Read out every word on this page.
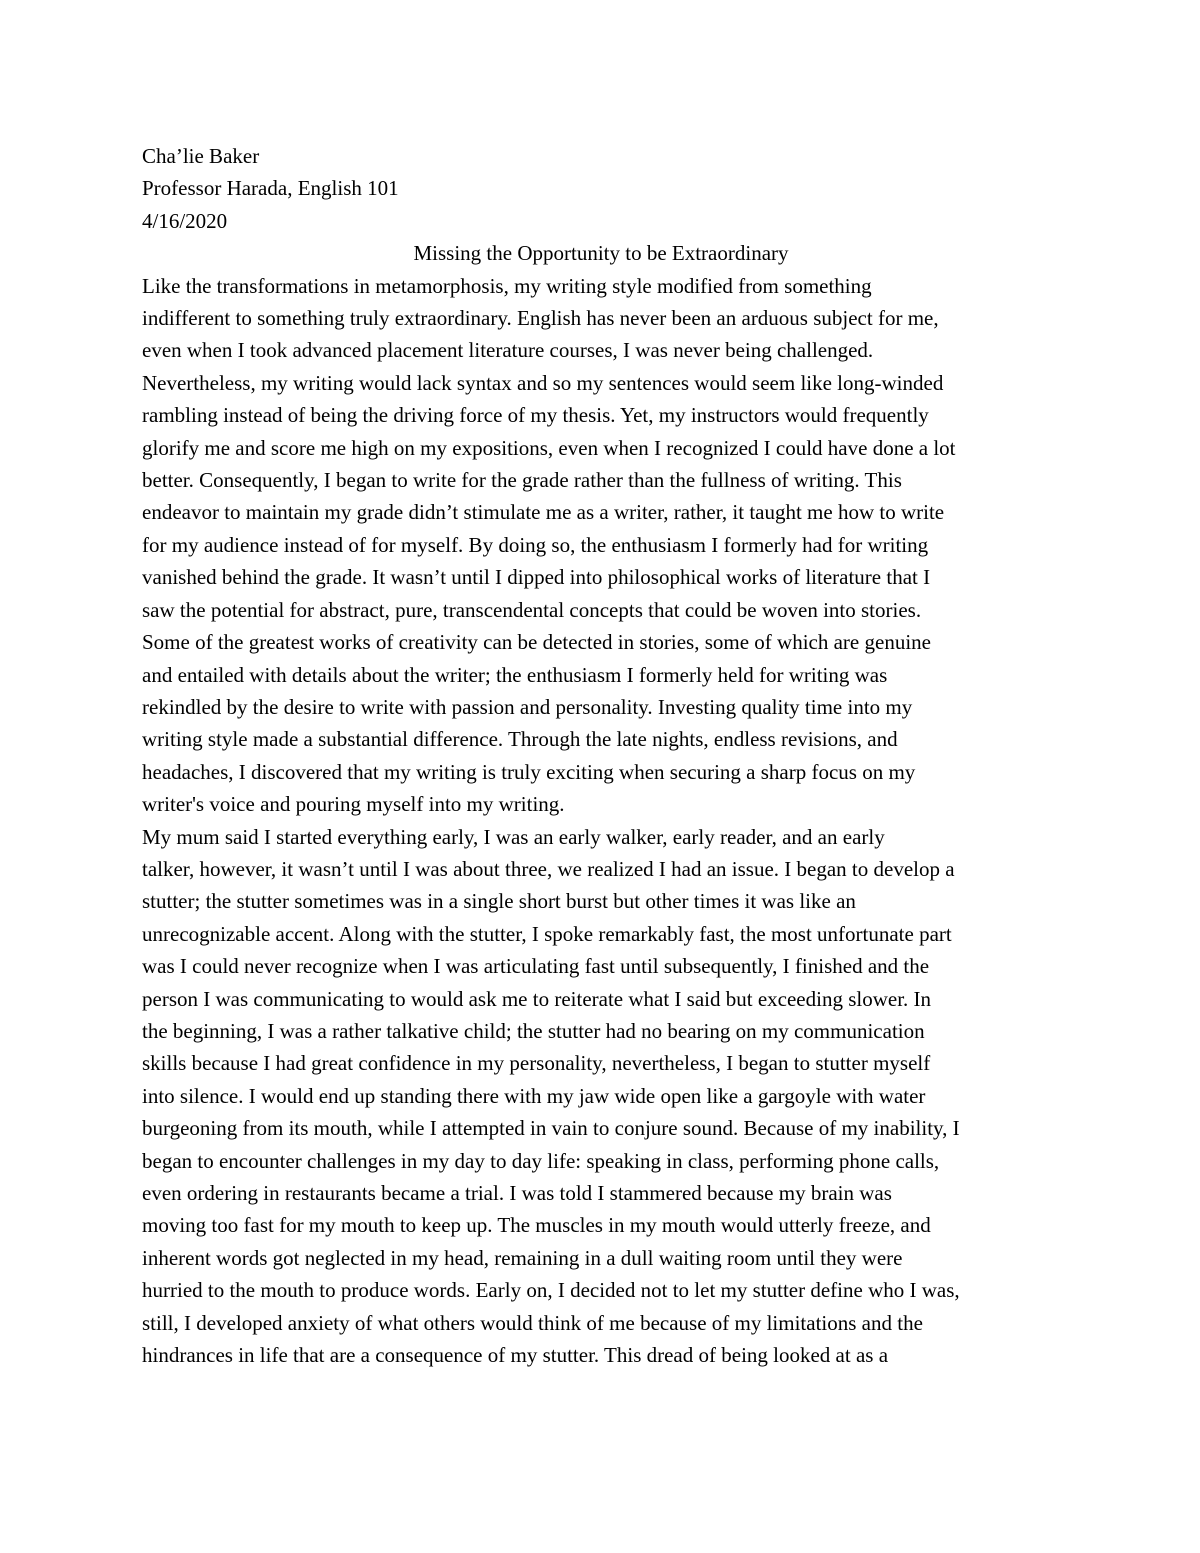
Cha’lie Baker
Professor Harada, English 101
4/16/2020
Missing the Opportunity to be Extraordinary
Like the transformations in metamorphosis, my writing style modified from something
indifferent to something truly extraordinary. English has never been an arduous subject for me,
even when I took advanced placement literature courses, I was never being challenged.
Nevertheless, my writing would lack syntax and so my sentences would seem like long-winded
rambling instead of being the driving force of my thesis. Yet, my instructors would frequently
glorify me and score me high on my expositions, even when I recognized I could have done a lot
better. Consequently, I began to write for the grade rather than the fullness of writing. This
endeavor to maintain my grade didn’t stimulate me as a writer, rather, it taught me how to write
for my audience instead of for myself. By doing so, the enthusiasm I formerly had for writing
vanished behind the grade. It wasn’t until I dipped into philosophical works of literature that I
saw the potential for abstract, pure, transcendental concepts that could be woven into stories.
Some of the greatest works of creativity can be detected in stories, some of which are genuine
and entailed with details about the writer; the enthusiasm I formerly held for writing was
rekindled by the desire to write with passion and personality. Investing quality time into my
writing style made a substantial difference. Through the late nights, endless revisions, and
headaches, I discovered that my writing is truly exciting when securing a sharp focus on my
writer's voice and pouring myself into my writing.
My mum said I started everything early, I was an early walker, early reader, and an early
talker, however, it wasn’t until I was about three, we realized I had an issue. I began to develop a
stutter; the stutter sometimes was in a single short burst but other times it was like an
unrecognizable accent. Along with the stutter, I spoke remarkably fast, the most unfortunate part
was I could never recognize when I was articulating fast until subsequently, I finished and the
person I was communicating to would ask me to reiterate what I said but exceeding slower. In
the beginning, I was a rather talkative child; the stutter had no bearing on my communication
skills because I had great confidence in my personality, nevertheless, I began to stutter myself
into silence. I would end up standing there with my jaw wide open like a gargoyle with water
burgeoning from its mouth, while I attempted in vain to conjure sound. Because of my inability, I
began to encounter challenges in my day to day life: speaking in class, performing phone calls,
even ordering in restaurants became a trial. I was told I stammered because my brain was
moving too fast for my mouth to keep up. The muscles in my mouth would utterly freeze, and
inherent words got neglected in my head, remaining in a dull waiting room until they were
hurried to the mouth to produce words. Early on, I decided not to let my stutter define who I was,
still, I developed anxiety of what others would think of me because of my limitations and the
hindrances in life that are a consequence of my stutter. This dread of being looked at as a
